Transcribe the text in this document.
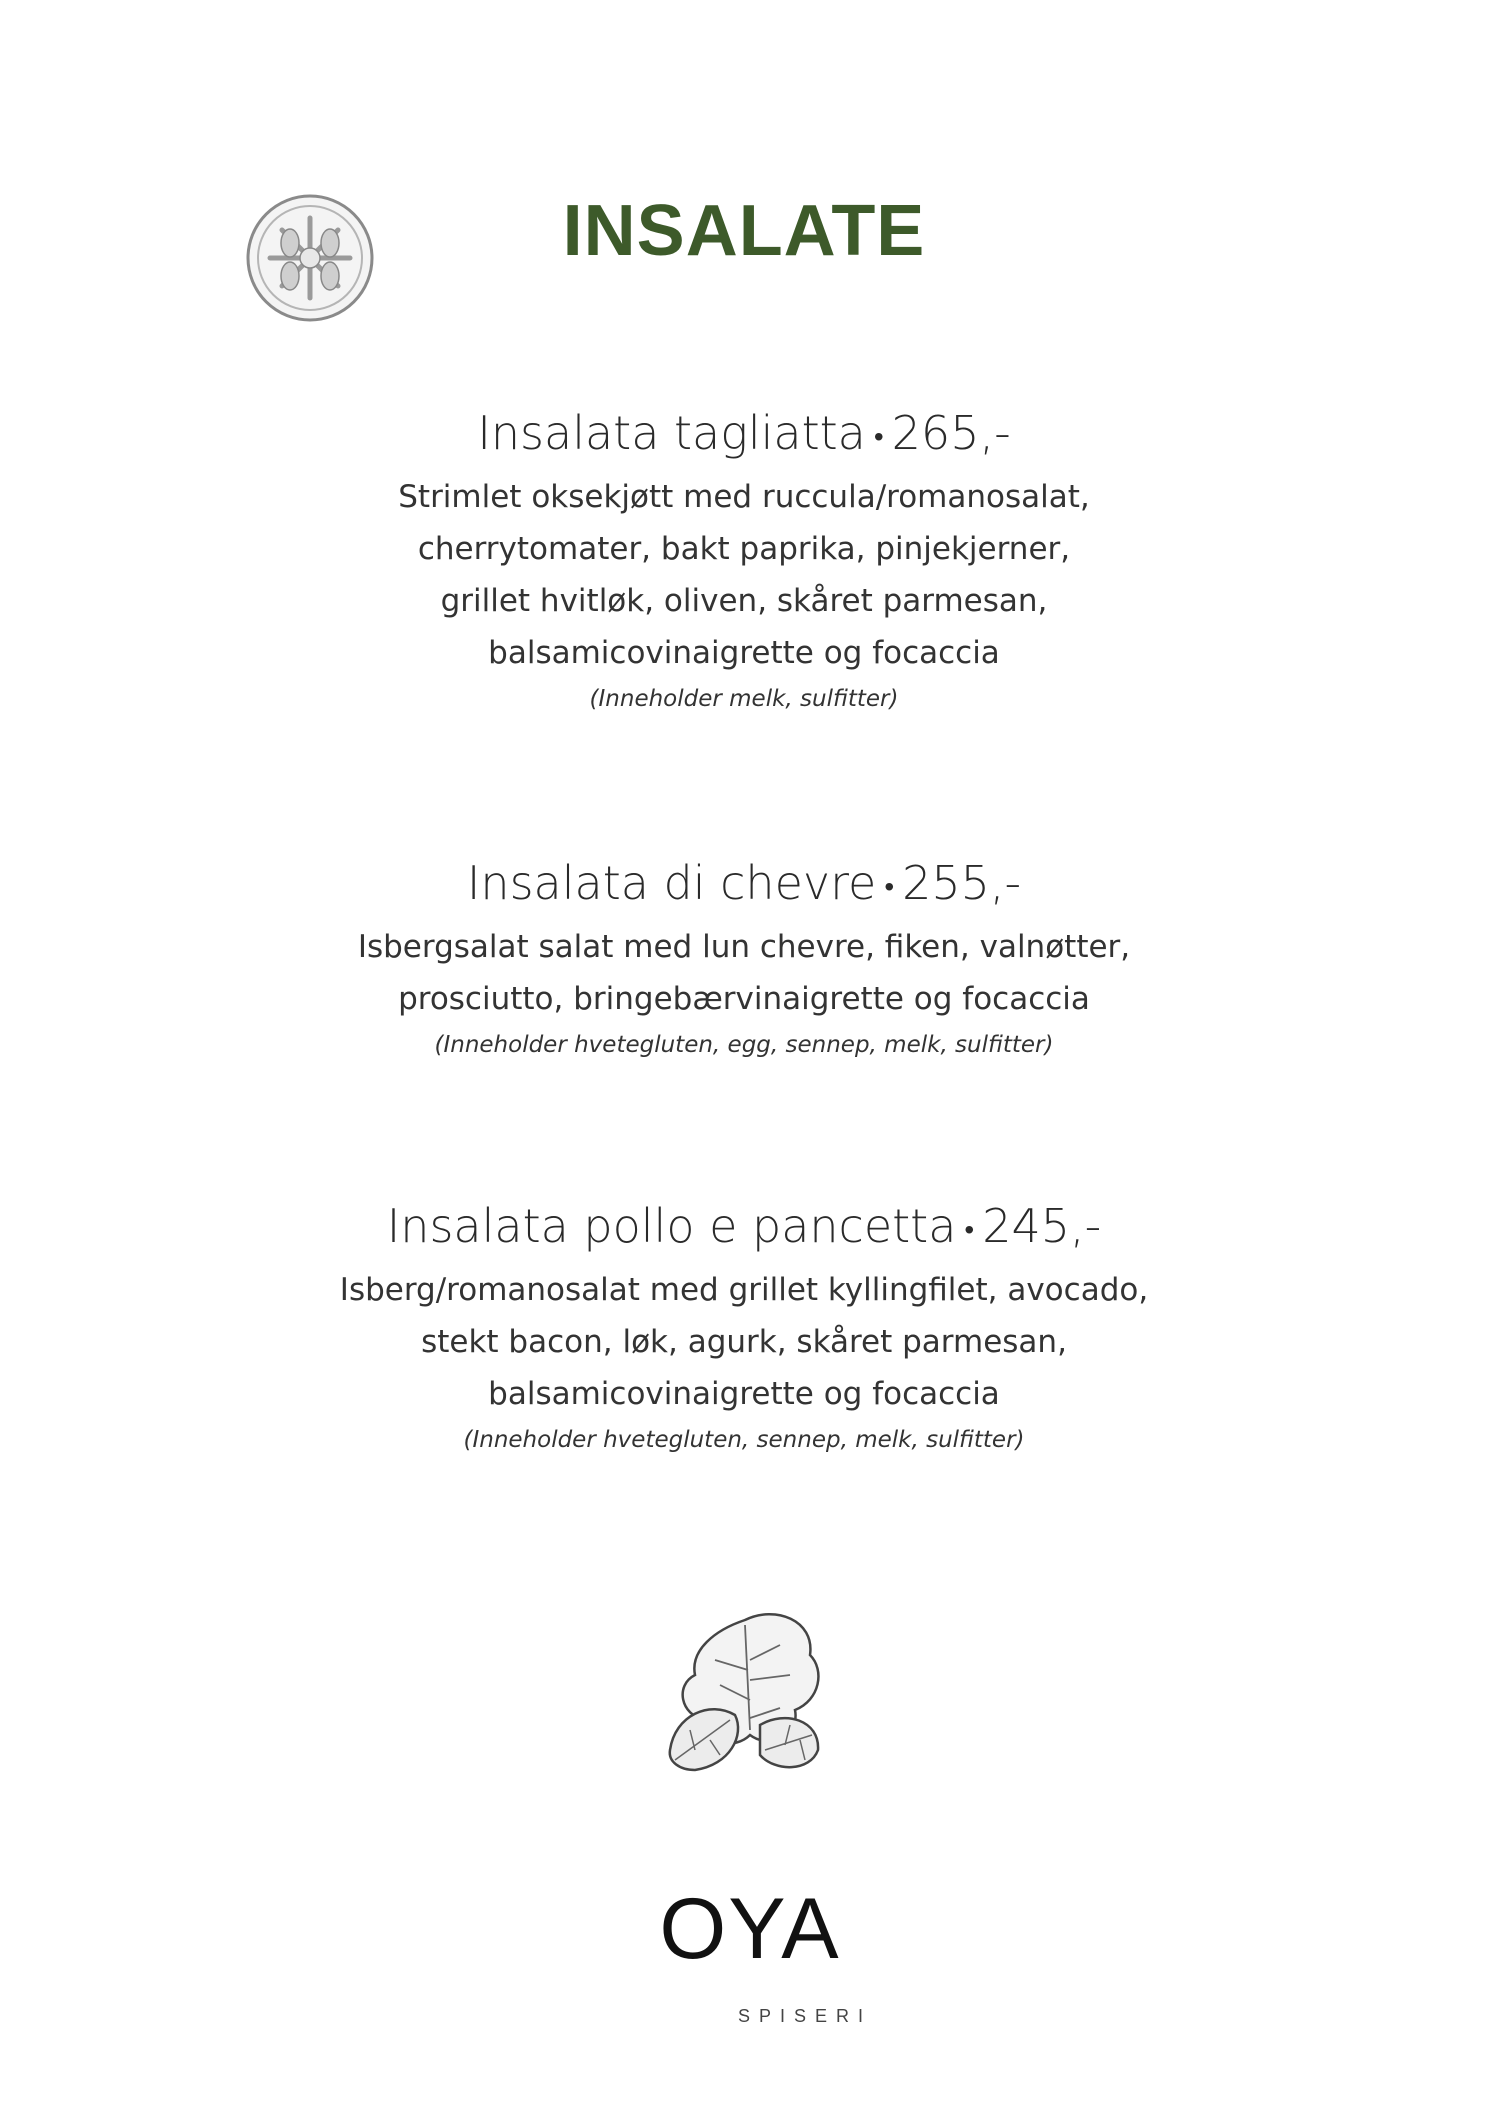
INSALATE
Insalata tagliatta • 265,-
Strimlet oksekjøtt med ruccula/romanosalat,
cherrytomater, bakt paprika, pinjekjerner,
grillet hvitløk, oliven, skåret parmesan,
balsamicovinaigrette og focaccia
(Inneholder melk, sulfitter)
Insalata di chevre • 255,-
Isbergsalat salat med lun chevre, fiken, valnøtter,
prosciutto, bringebærvinaigrette og focaccia
(Inneholder hvetegluten, egg, sennep, melk, sulfitter)
Insalata pollo e pancetta • 245,-
Isberg/romanosalat med grillet kyllingfilet, avocado,
stekt bacon, løk, agurk, skåret parmesan,
balsamicovinaigrette og focaccia
(Inneholder hvetegluten, sennep, melk, sulfitter)
OYA
SPISERI
